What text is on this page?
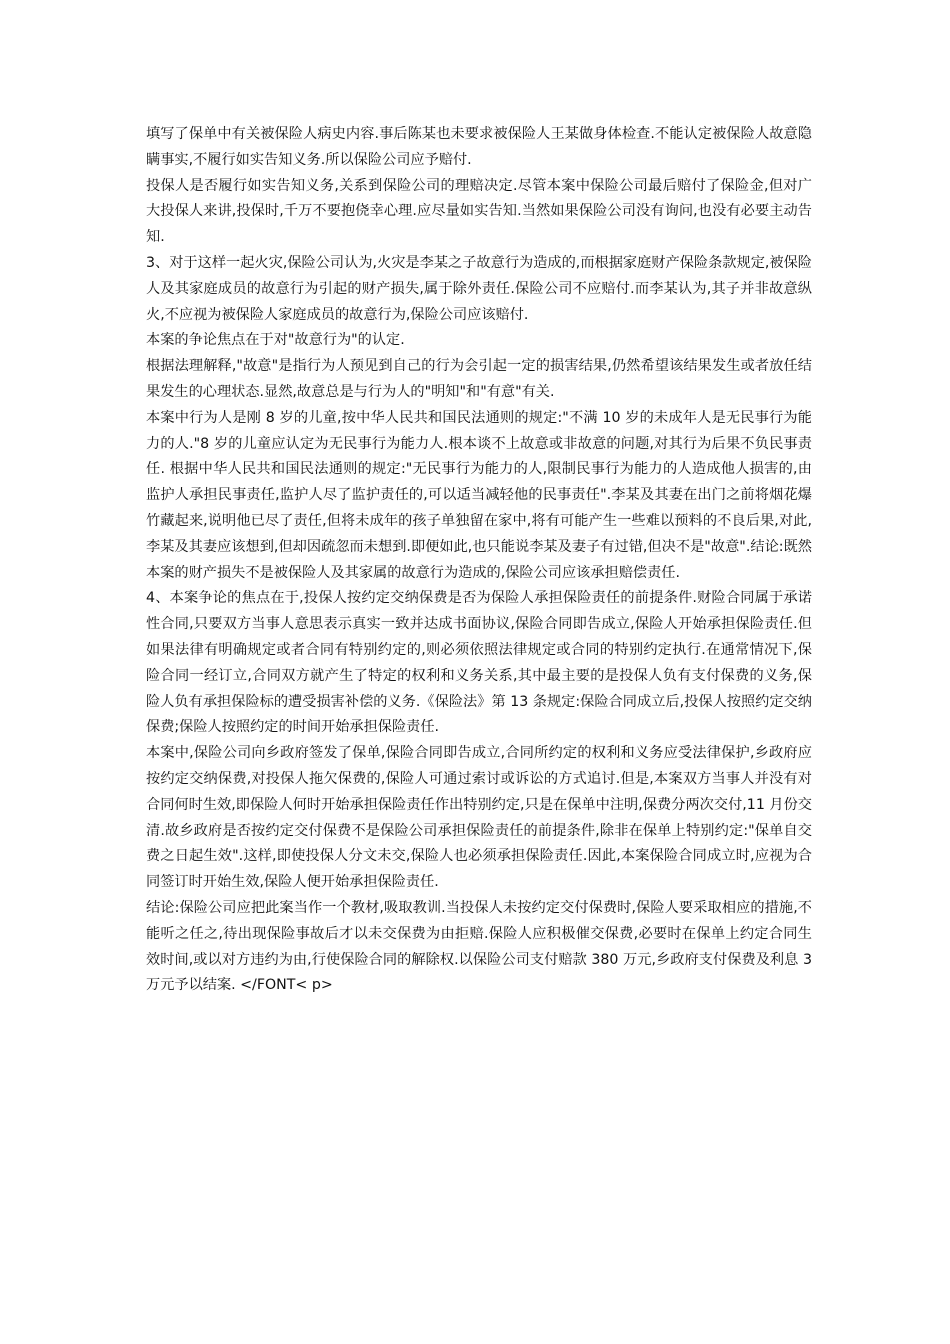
填写了保单中有关被保险人病史内容.事后陈某也未要求被保险人王某做身体检查.不能认定被保险人故意隐瞒事实,不履行如实告知义务.所以保险公司应予赔付.

投保人是否履行如实告知义务,关系到保险公司的理赔决定.尽管本案中保险公司最后赔付了保险金,但对广大投保人来讲,投保时,千万不要抱侥幸心理.应尽量如实告知.当然如果保险公司没有询问,也没有必要主动告知.

3、对于这样一起火灾,保险公司认为,火灾是李某之子故意行为造成的,而根据家庭财产保险条款规定,被保险人及其家庭成员的故意行为引起的财产损失,属于除外责任.保险公司不应赔付.而李某认为,其子并非故意纵火,不应视为被保险人家庭成员的故意行为,保险公司应该赔付.

本案的争论焦点在于对"故意行为"的认定.

根据法理解释,"故意"是指行为人预见到自己的行为会引起一定的损害结果,仍然希望该结果发生或者放任结果发生的心理状态.显然,故意总是与行为人的"明知"和"有意"有关.

本案中行为人是刚 8 岁的儿童,按中华人民共和国民法通则的规定:"不满 10 岁的未成年人是无民事行为能力的人."8 岁的儿童应认定为无民事行为能力人.根本谈不上故意或非故意的问题,对其行为后果不负民事责任. 根据中华人民共和国民法通则的规定:"无民事行为能力的人,限制民事行为能力的人造成他人损害的,由监护人承担民事责任,监护人尽了监护责任的,可以适当减轻他的民事责任".李某及其妻在出门之前将烟花爆竹藏起来,说明他已尽了责任,但将未成年的孩子单独留在家中,将有可能产生一些难以预料的不良后果,对此,李某及其妻应该想到,但却因疏忽而未想到.即便如此,也只能说李某及妻子有过错,但决不是"故意".结论:既然本案的财产损失不是被保险人及其家属的故意行为造成的,保险公司应该承担赔偿责任.

4、本案争论的焦点在于,投保人按约定交纳保费是否为保险人承担保险责任的前提条件.财险合同属于承诺性合同,只要双方当事人意思表示真实一致并达成书面协议,保险合同即告成立,保险人开始承担保险责任.但如果法律有明确规定或者合同有特别约定的,则必须依照法律规定或合同的特别约定执行.在通常情况下,保险合同一经订立,合同双方就产生了特定的权利和义务关系,其中最主要的是投保人负有支付保费的义务,保险人负有承担保险标的遭受损害补偿的义务.《保险法》第 13 条规定:保险合同成立后,投保人按照约定交纳保费;保险人按照约定的时间开始承担保险责任.

本案中,保险公司向乡政府签发了保单,保险合同即告成立,合同所约定的权利和义务应受法律保护,乡政府应按约定交纳保费,对投保人拖欠保费的,保险人可通过索讨或诉讼的方式追讨.但是,本案双方当事人并没有对合同何时生效,即保险人何时开始承担保险责任作出特别约定,只是在保单中注明,保费分两次交付,11 月份交清.故乡政府是否按约定交付保费不是保险公司承担保险责任的前提条件,除非在保单上特别约定:"保单自交费之日起生效".这样,即使投保人分文未交,保险人也必须承担保险责任.因此,本案保险合同成立时,应视为合同签订时开始生效,保险人便开始承担保险责任.

结论:保险公司应把此案当作一个教材,吸取教训.当投保人未按约定交付保费时,保险人要采取相应的措施,不能听之任之,待出现保险事故后才以未交保费为由拒赔.保险人应积极催交保费,必要时在保单上约定合同生效时间,或以对方违约为由,行使保险合同的解除权.以保险公司支付赔款 380 万元,乡政府支付保费及利息 3 万元予以结案. </FONT< p>
